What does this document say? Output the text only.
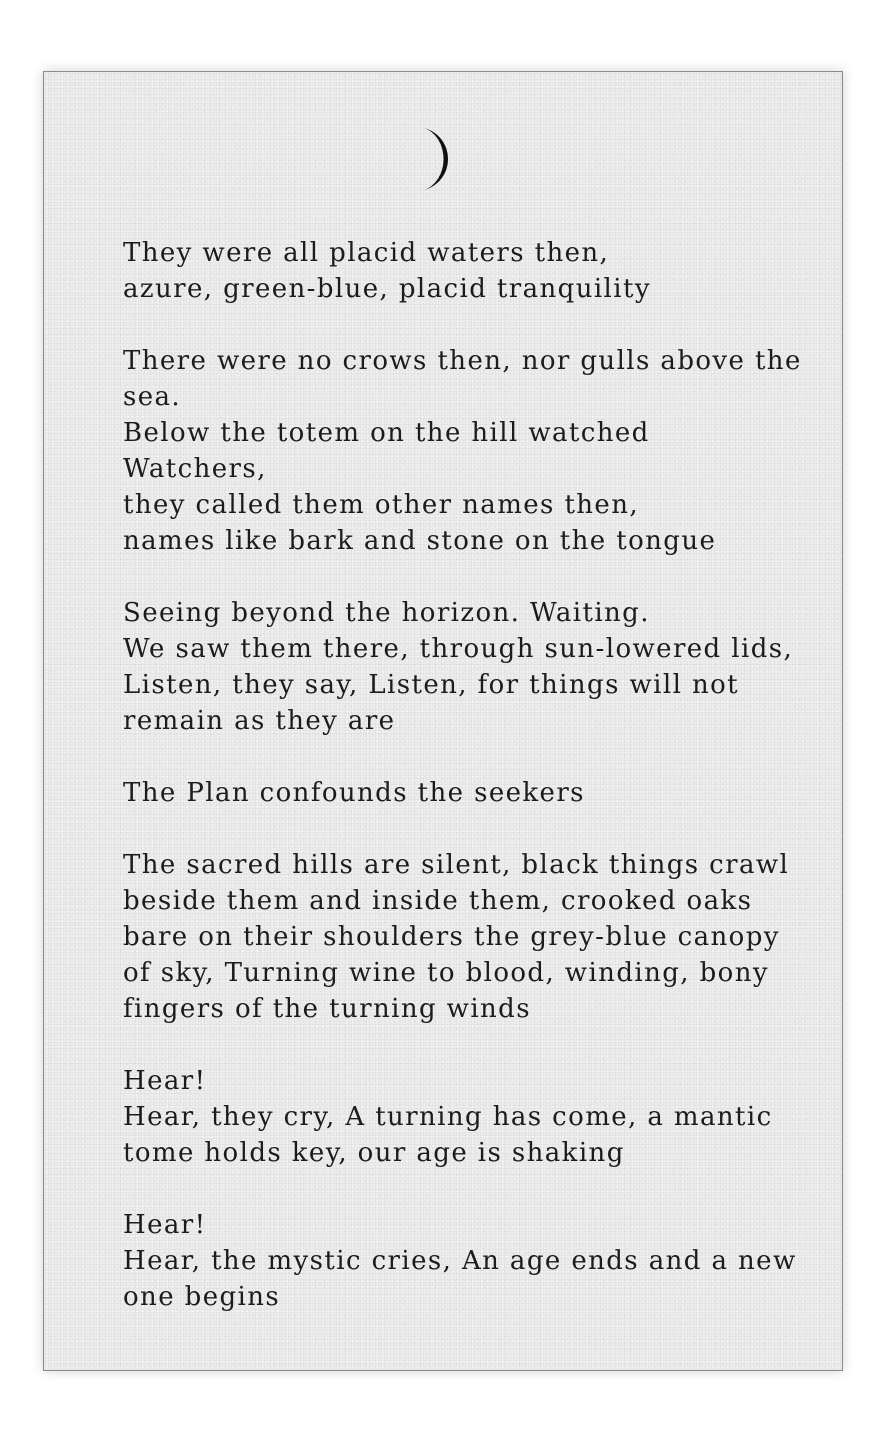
They were all placid waters then,
azure, green-blue, placid tranquility
There were no crows then, nor gulls above the sea.
Below the totem on the hill watched Watchers,
they called them other names then,
names like bark and stone on the tongue
Seeing beyond the horizon. Waiting.
We saw them there, through sun-lowered lids,
Listen, they say, Listen, for things will not remain as they are
The Plan confounds the seekers
The sacred hills are silent, black things crawl beside them and inside them, crooked oaks bare on their shoulders the grey-blue canopy of sky, Turning wine to blood, winding, bony fingers of the turning winds
Hear!
Hear, they cry, A turning has come, a mantic tome holds key, our age is shaking
Hear!
Hear, the mystic cries, An age ends and a new one begins
